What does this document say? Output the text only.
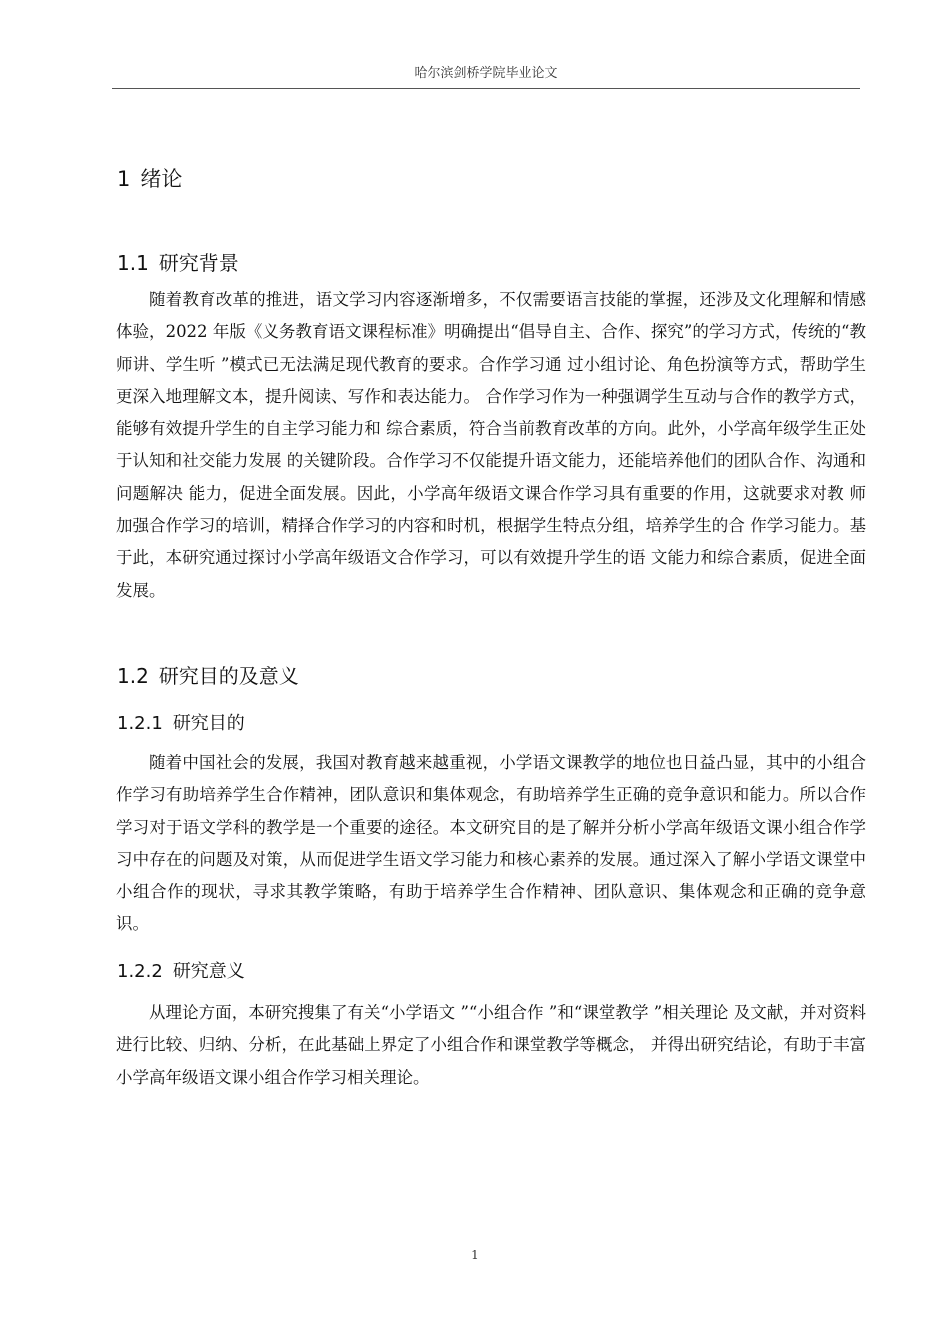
哈尔滨剑桥学院毕业论文
1 绪论
1.1 研究背景

随着教育改革的推进，语文学习内容逐渐增多，不仅需要语言技能的掌握，还涉及文化理解和情感体验，2022 年版《义务教育语文课程标准》明确提出“倡导自主、合作、探究”的学习方式，传统的“教师讲、学生听 ”模式已无法满足现代教育的要求。合作学习通 过小组讨论、角色扮演等方式，帮助学生更深入地理解文本，提升阅读、写作和表达能力。 合作学习作为一种强调学生互动与合作的教学方式，能够有效提升学生的自主学习能力和 综合素质，符合当前教育改革的方向。此外，小学高年级学生正处于认知和社交能力发展 的关键阶段。合作学习不仅能提升语文能力，还能培养他们的团队合作、沟通和问题解决 能力，促进全面发展。因此，小学高年级语文课合作学习具有重要的作用，这就要求对教 师加强合作学习的培训，精择合作学习的内容和时机，根据学生特点分组，培养学生的合 作学习能力。基于此，本研究通过探讨小学高年级语文合作学习，可以有效提升学生的语 文能力和综合素质，促进全面发展。

1.2 研究目的及意义
1.2.1 研究目的

随着中国社会的发展，我国对教育越来越重视，小学语文课教学的地位也日益凸显，其中的小组合作学习有助培养学生合作精神，团队意识和集体观念，有助培养学生正确的竞争意识和能力。所以合作学习对于语文学科的教学是一个重要的途径。本文研究目的是了解并分析小学高年级语文课小组合作学习中存在的问题及对策，从而促进学生语文学习能力和核心素养的发展。通过深入了解小学语文课堂中小组合作的现状，寻求其教学策略，有助于培养学生合作精神、团队意识、集体观念和正确的竞争意识。

1.2.2 研究意义

从理论方面，本研究搜集了有关“小学语文 ”“小组合作 ”和“课堂教学 ”相关理论 及文献，并对资料进行比较、归纳、分析，在此基础上界定了小组合作和课堂教学等概念， 并得出研究结论，有助于丰富小学高年级语文课小组合作学习相关理论。

1
